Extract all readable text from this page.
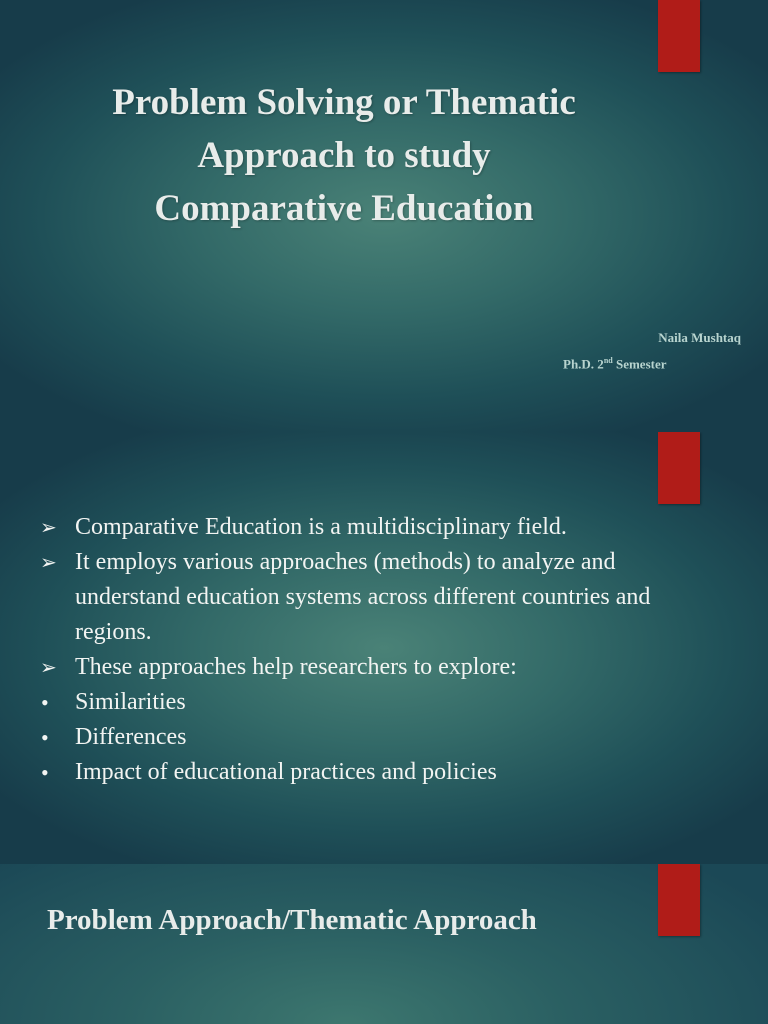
Problem Solving or Thematic
Approach to study
Comparative Education
Naila Mushtaq
Ph.D. 2nd Semester
➢ Comparative Education is a multidisciplinary field.
➢ It employs various approaches (methods) to analyze and understand education systems across different countries and regions.
➢ These approaches help researchers to explore:
•	Similarities
•	Differences
•	Impact of educational practices and policies
Problem Approach/Thematic Approach
